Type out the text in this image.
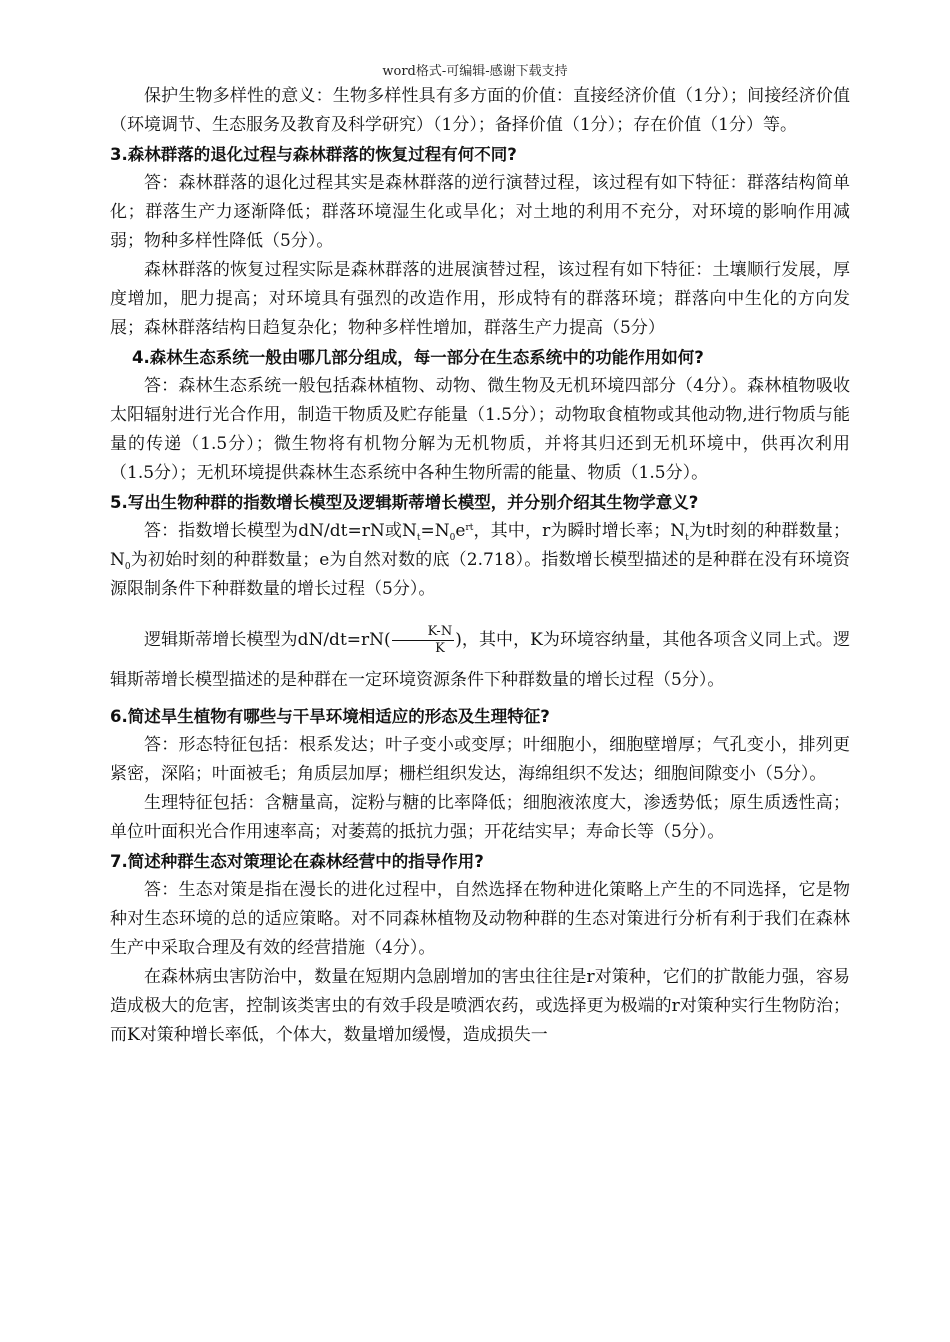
word格式-可编辑-感谢下载支持

保护生物多样性的意义：生物多样性具有多方面的价值：直接经济价值（1分）；间接经济价值（环境调节、生态服务及教育及科学研究）（1分）；备择价值（1分）；存在价值（1分）等。

3.森林群落的退化过程与森林群落的恢复过程有何不同?

答：森林群落的退化过程其实是森林群落的逆行演替过程，该过程有如下特征：群落结构简单化；群落生产力逐渐降低；群落环境湿生化或旱化；对土地的利用不充分，对环境的影响作用减弱；物种多样性降低（5分）。

森林群落的恢复过程实际是森林群落的进展演替过程，该过程有如下特征：土壤顺行发展，厚度增加，肥力提高；对环境具有强烈的改造作用，形成特有的群落环境；群落向中生化的方向发展；森林群落结构日趋复杂化；物种多样性增加，群落生产力提高（5分）

4.森林生态系统一般由哪几部分组成，每一部分在生态系统中的功能作用如何?

答：森林生态系统一般包括森林植物、动物、微生物及无机环境四部分（4分）。森林植物吸收太阳辐射进行光合作用，制造干物质及贮存能量（1.5分）；动物取食植物或其他动物,进行物质与能量的传递（1.5分）；微生物将有机物分解为无机物质，并将其归还到无机环境中，供再次利用（1.5分）；无机环境提供森林生态系统中各种生物所需的能量、物质（1.5分）。

5.写出生物种群的指数增长模型及逻辑斯蒂增长模型，并分别介绍其生物学意义?

答：指数增长模型为dN/dt=rN或$N_t=N_0e^{rt}$，其中，r为瞬时增长率；$N_t$为t时刻的种群数量；$N_0$为初始时刻的种群数量；e为自然对数的底（2.718）。指数增长模型描述的是种群在没有环境资源限制条件下种群数量的增长过程（5分）。

逻辑斯蒂增长模型为$dN/dt=rN( \frac{K-N}{K}$ )，其中，K为环境容纳量，其他各项含义同上式。逻辑斯蒂增长模型描述的是种群在一定环境资源条件下种群数量的增长过程（5分）。

6.简述旱生植物有哪些与干旱环境相适应的形态及生理特征?

答：形态特征包括：根系发达；叶子变小或变厚；叶细胞小，细胞壁增厚；气孔变小，排列更紧密，深陷；叶面被毛；角质层加厚；栅栏组织发达，海绵组织不发达；细胞间隙变小（5分）。

生理特征包括：含糖量高，淀粉与糖的比率降低；细胞液浓度大，渗透势低；原生质透性高；单位叶面积光合作用速率高；对萎蔫的抵抗力强；开花结实早；寿命长等（5分）。

7.简述种群生态对策理论在森林经营中的指导作用?

答：生态对策是指在漫长的进化过程中，自然选择在物种进化策略上产生的不同选择，它是物种对生态环境的总的适应策略。对不同森林植物及动物种群的生态对策进行分析有利于我们在森林生产中采取合理及有效的经营措施（4分）。

在森林病虫害防治中，数量在短期内急剧增加的害虫往往是r对策种，它们的扩散能力强，容易造成极大的危害，控制该类害虫的有效手段是喷洒农药，或选择更为极端的r对策种实行生物防治；而K对策种增长率低，个体大，数量增加缓慢，造成损失一
